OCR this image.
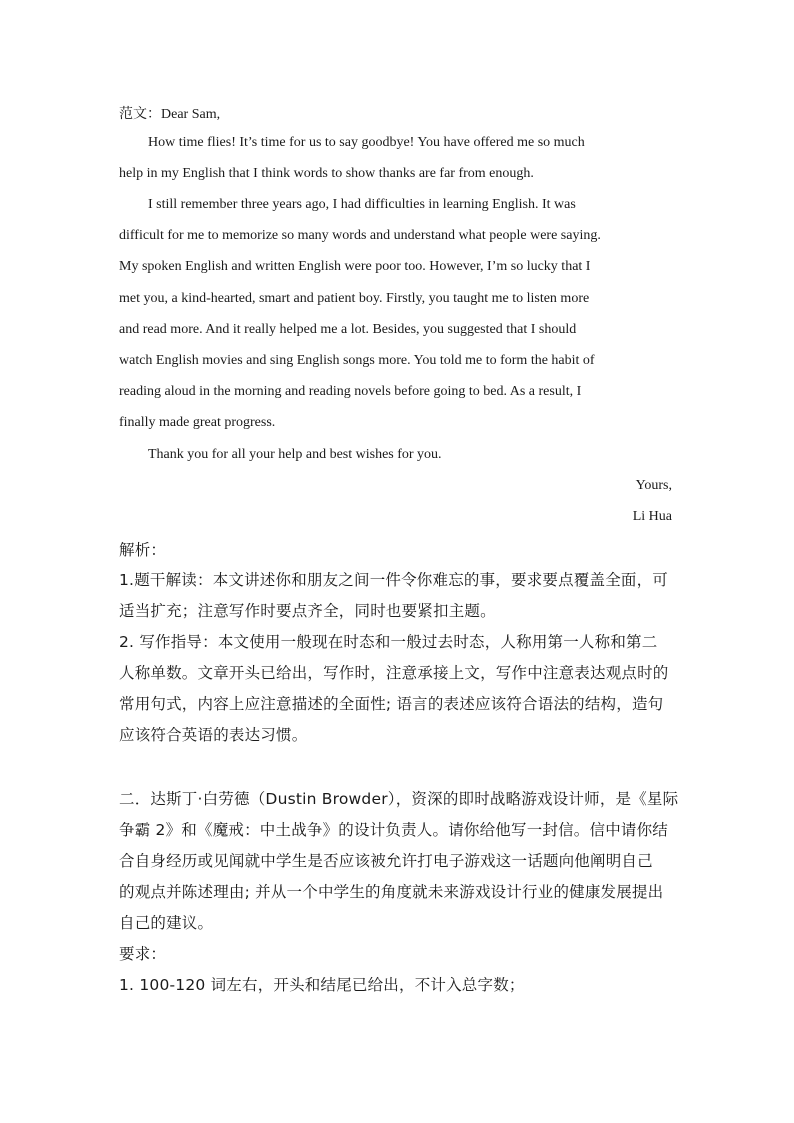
范文：Dear Sam,
How time flies! It’s time for us to say goodbye! You have offered me so much
help in my English that I think words to show thanks are far from enough.
I still remember three years ago, I had difficulties in learning English. It was
difficult for me to memorize so many words and understand what people were saying.
My spoken English and written English were poor too. However, I’m so lucky that I
met you, a kind-hearted, smart and patient boy. Firstly, you taught me to listen more
and read more. And it really helped me a lot. Besides, you suggested that I should
watch English movies and sing English songs more. You told me to form the habit of
reading aloud in the morning and reading novels before going to bed. As a result, I
finally made great progress.
Thank you for all your help and best wishes for you.
Yours,
Li Hua
解析：
1.题干解读：本文讲述你和朋友之间一件令你难忘的事，要求要点覆盖全面，可
适当扩充；注意写作时要点齐全，同时也要紧扣主题。
2. 写作指导：本文使用一般现在时态和一般过去时态，人称用第一人称和第二
人称单数。文章开头已给出，写作时，注意承接上文，写作中注意表达观点时的
常用句式，内容上应注意描述的全面性; 语言的表述应该符合语法的结构，造句
应该符合英语的表达习惯。
二．达斯丁·白劳德（Dustin Browder），资深的即时战略游戏设计师，是《星际
争霸 2》和《魔戒：中土战争》的设计负责人。请你给他写一封信。信中请你结
合自身经历或见闻就中学生是否应该被允许打电子游戏这一话题向他阐明自己
的观点并陈述理由; 并从一个中学生的角度就未来游戏设计行业的健康发展提出
自己的建议。
要求：
1. 100-120 词左右，开头和结尾已给出，不计入总字数；
